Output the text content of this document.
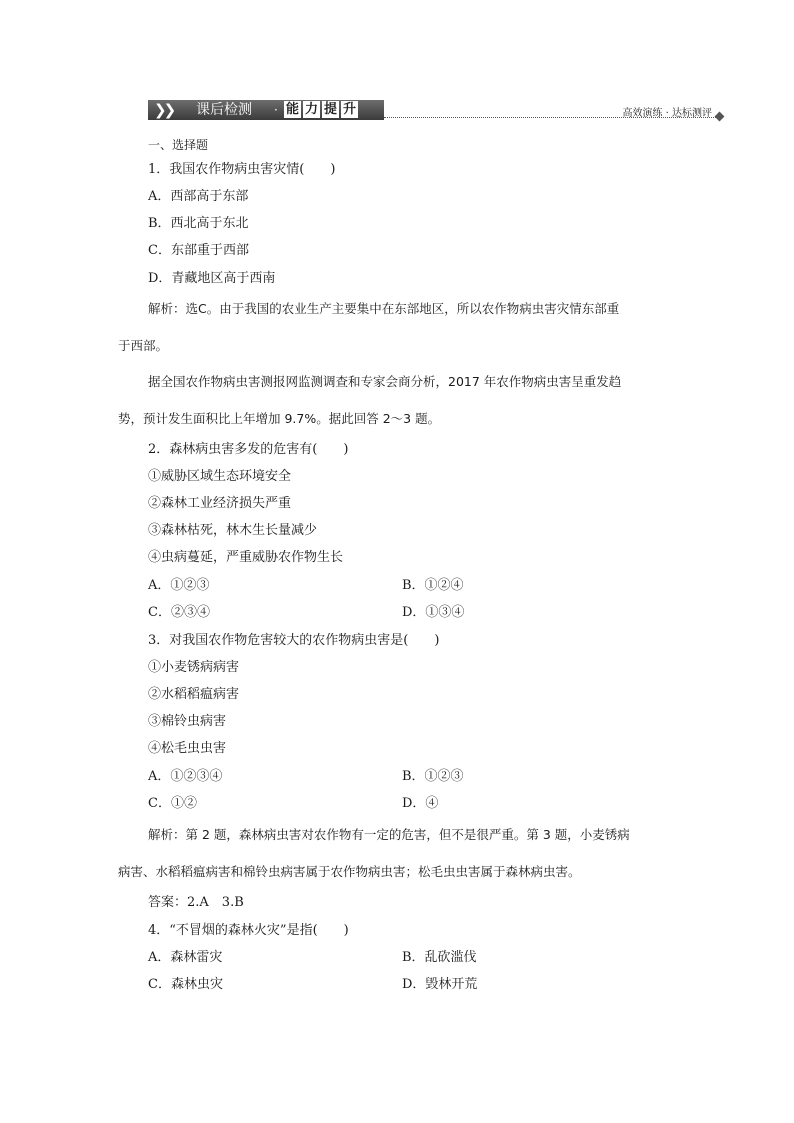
❯❯ 课后检测 · 能 力 提 升	高效演练 · 达标测评
一、选择题
1．我国农作物病虫害灾情(　　)
A．西部高于东部
B．西北高于东北
C．东部重于西部
D．青藏地区高于西南
解析：选C。由于我国的农业生产主要集中在东部地区，所以农作物病虫害灾情东部重
于西部。
据全国农作物病虫害测报网监测调查和专家会商分析，2017 年农作物病虫害呈重发趋
势，预计发生面积比上年增加 9.7%。据此回答 2～3 题。
2．森林病虫害多发的危害有(　　)
①威胁区域生态环境安全
②森林工业经济损失严重
③森林枯死，林木生长量减少
④虫病蔓延，严重威胁农作物生长
A．①②③	B．①②④
C．②③④	D．①③④
3．对我国农作物危害较大的农作物病虫害是(　　)
①小麦锈病病害
②水稻稻瘟病害
③棉铃虫病害
④松毛虫虫害
A．①②③④	B．①②③
C．①②	D．④
解析：第 2 题，森林病虫害对农作物有一定的危害，但不是很严重。第 3 题，小麦锈病
病害、水稻稻瘟病害和棉铃虫病害属于农作物病虫害；松毛虫虫害属于森林病虫害。
答案：2.A　3.B
4．“不冒烟的森林火灾”是指(　　)
A．森林雷灾	B．乱砍滥伐
C．森林虫灾	D．毁林开荒
